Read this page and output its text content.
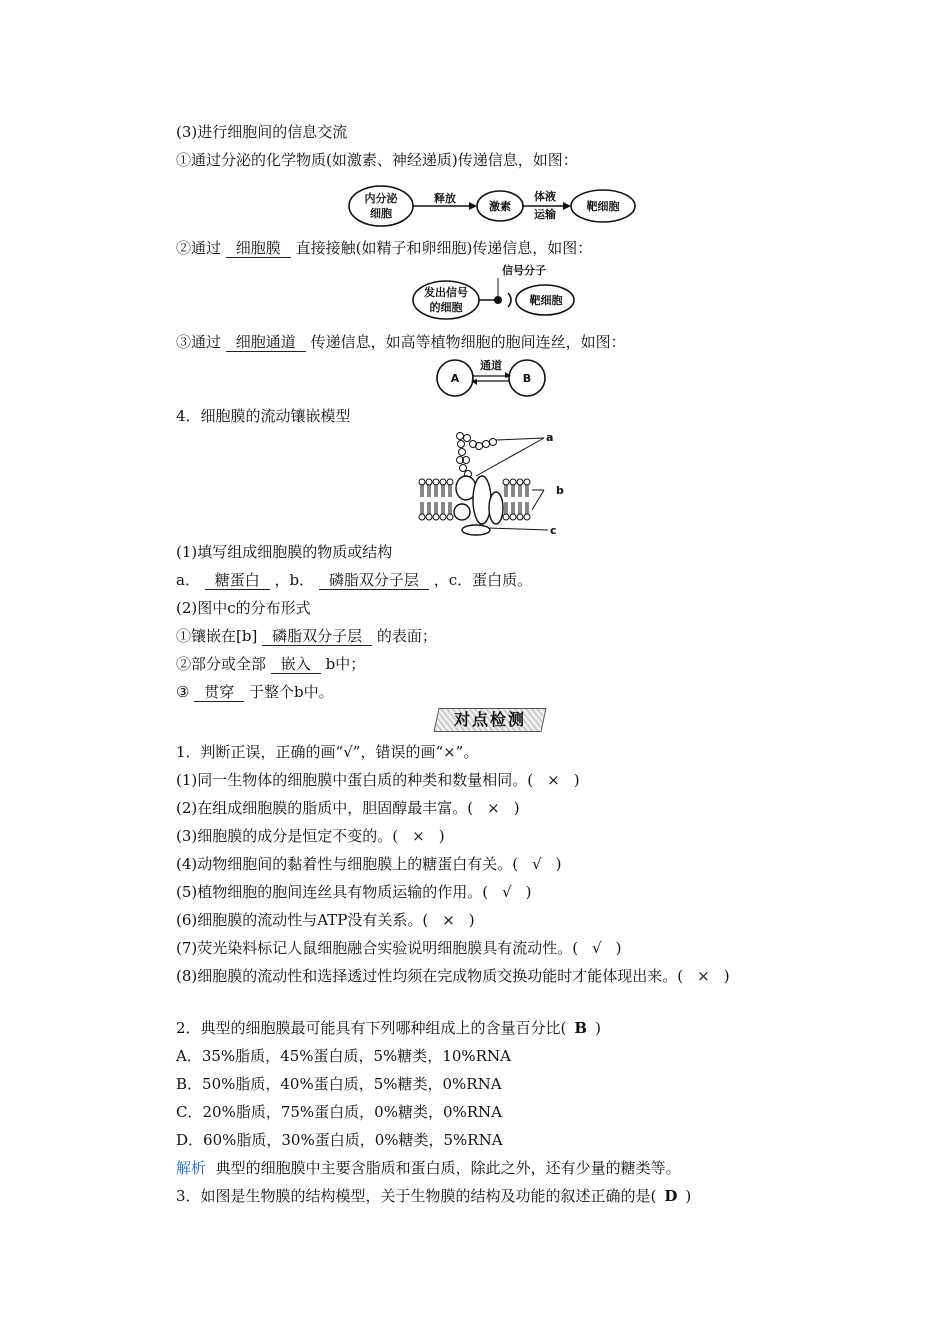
(3)进行细胞间的信息交流
①通过分泌的化学物质(如激素、神经递质)传递信息，如图：
内分泌
细胞
释放
激素
体液
运输
靶细胞
②通过 细胞膜 直接接触(如精子和卵细胞)传递信息，如图：
发出信号
的细胞
信号分子
靶细胞
③通过 细胞通道 传递信息，如高等植物细胞的胞间连丝，如图：
A	B
通道
4．细胞膜的流动镶嵌模型
a
b
c
(1)填写组成细胞膜的物质或结构
a． 糖蛋白 ，b． 磷脂双分子层 ，c．蛋白质。
(2)图中c的分布形式
①镶嵌在[b] 磷脂双分子层 的表面；
②部分或全部 嵌入 b中；
③ 贯穿 于整个b中。
对点检测
1．判断正误，正确的画“√”，错误的画“×”。
(1)同一生物体的细胞膜中蛋白质的种类和数量相同。( × )
(2)在组成细胞膜的脂质中，胆固醇最丰富。( × )
(3)细胞膜的成分是恒定不变的。( × )
(4)动物细胞间的黏着性与细胞膜上的糖蛋白有关。( √ )
(5)植物细胞的胞间连丝具有物质运输的作用。( √ )
(6)细胞膜的流动性与ATP没有关系。( × )
(7)荧光染料标记人鼠细胞融合实验说明细胞膜具有流动性。( √ )
(8)细胞膜的流动性和选择透过性均须在完成物质交换功能时才能体现出来。( × )
2．典型的细胞膜最可能具有下列哪种组成上的含量百分比( B )
A．35%脂质，45%蛋白质，5%糖类，10%RNA
B．50%脂质，40%蛋白质，5%糖类，0%RNA
C．20%脂质，75%蛋白质，0%糖类，0%RNA
D．60%脂质，30%蛋白质，0%糖类，5%RNA
解析 典型的细胞膜中主要含脂质和蛋白质，除此之外，还有少量的糖类等。
3．如图是生物膜的结构模型，关于生物膜的结构及功能的叙述正确的是( D )
